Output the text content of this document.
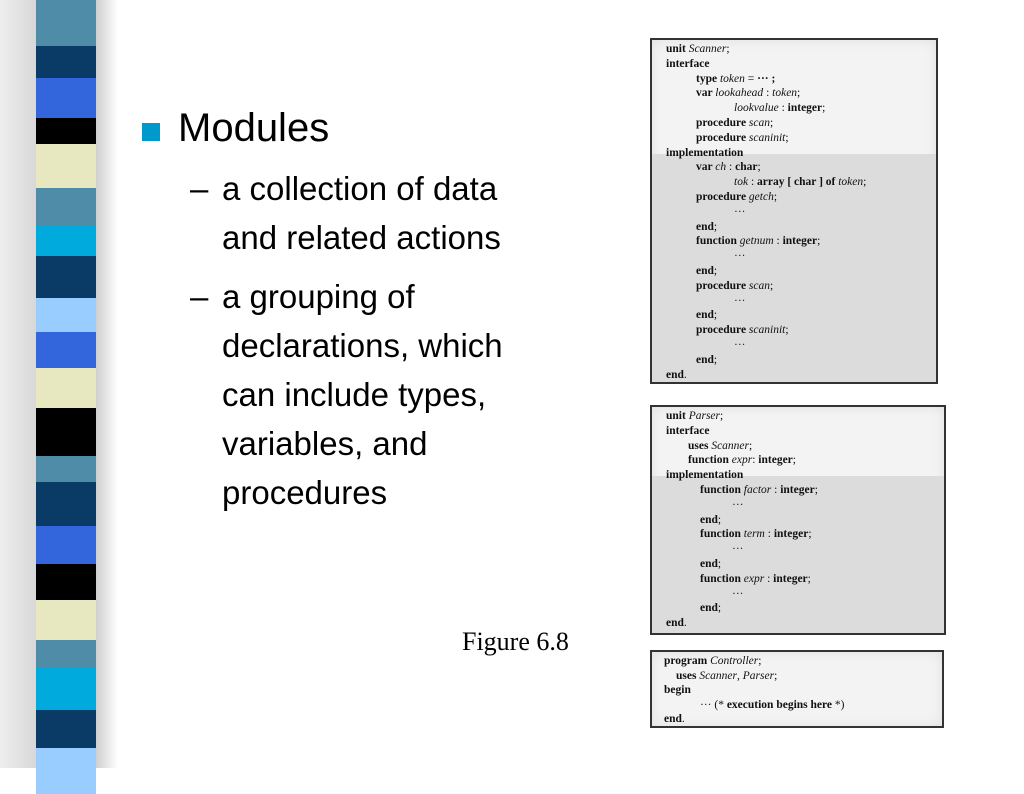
Modules
– a collection of data
and related actions
– a grouping of
declarations, which
can include types,
variables, and
procedures
Figure 6.8
unit Scanner;
interface
type token = ··· ;
var lookahead : token;
lookvalue : integer;
procedure scan;
procedure scaninit;
implementation
var ch : char;
tok : array [ char ] of token;
procedure getch;
···
end;
function getnum : integer;
···
end;
procedure scan;
···
end;
procedure scaninit;
···
end;
end.
unit Parser;
interface
uses Scanner;
function expr: integer;
implementation
function factor : integer;
···
end;
function term : integer;
···
end;
function expr : integer;
···
end;
end.
program Controller;
uses Scanner, Parser;
begin
··· (* execution begins here *)
end.
